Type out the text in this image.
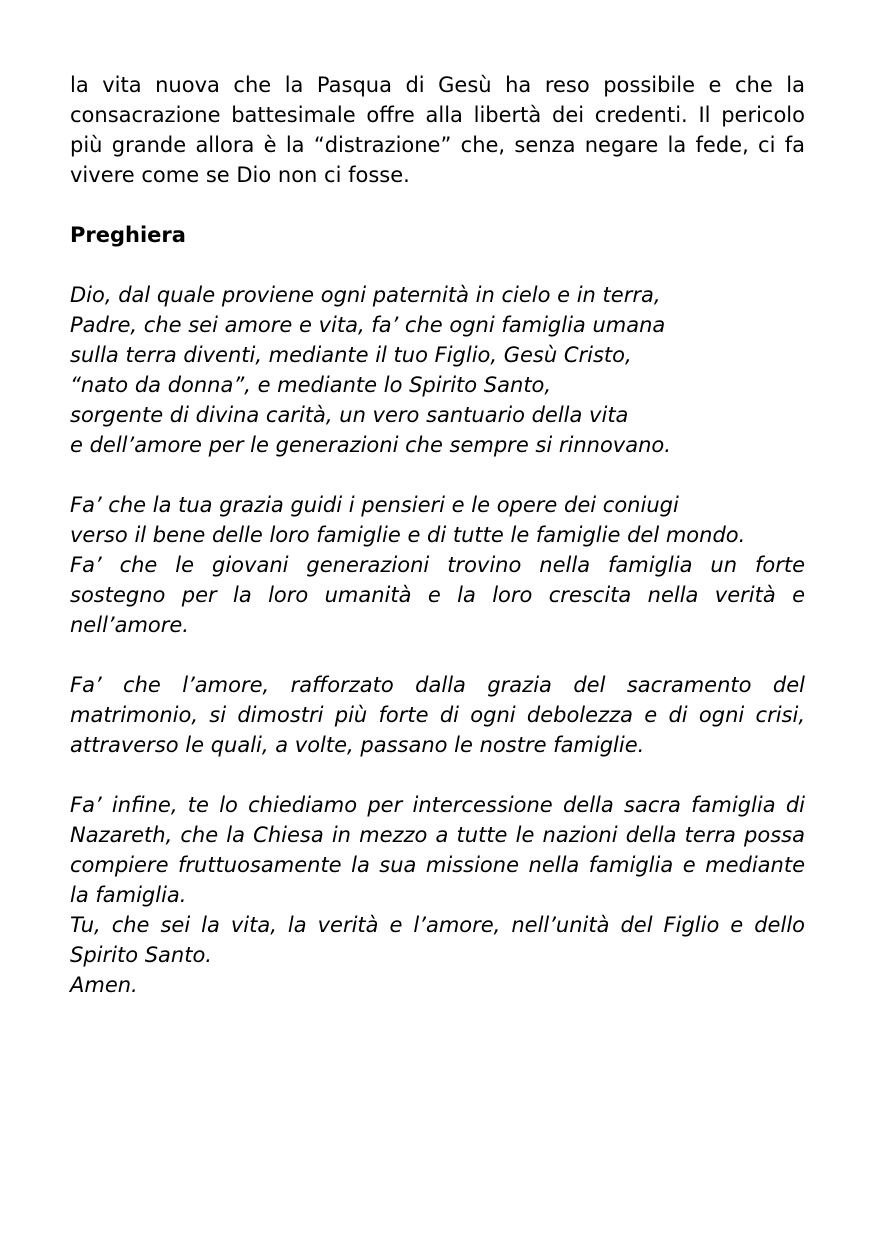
la vita nuova che la Pasqua di Gesù ha reso possibile e che la
consacrazione battesimale offre alla libertà dei credenti. Il pericolo
più grande allora è la “distrazione” che, senza negare la fede, ci fa
vivere come se Dio non ci fosse.

Preghiera

Dio, dal quale proviene ogni paternità in cielo e in terra,
Padre, che sei amore e vita, fa’ che ogni famiglia umana
sulla terra diventi, mediante il tuo Figlio, Gesù Cristo,
“nato da donna”, e mediante lo Spirito Santo,
sorgente di divina carità, un vero santuario della vita
e dell’amore per le generazioni che sempre si rinnovano.

Fa’ che la tua grazia guidi i pensieri e le opere dei coniugi
verso il bene delle loro famiglie e di tutte le famiglie del mondo.
Fa’ che le giovani generazioni trovino nella famiglia un forte
sostegno per la loro umanità e la loro crescita nella verità e
nell’amore.

Fa’ che l’amore, rafforzato dalla grazia del sacramento del
matrimonio, si dimostri più forte di ogni debolezza e di ogni crisi,
attraverso le quali, a volte, passano le nostre famiglie.

Fa’ infine, te lo chiediamo per intercessione della sacra famiglia di
Nazareth, che la Chiesa in mezzo a tutte le nazioni della terra possa
compiere fruttuosamente la sua missione nella famiglia e mediante
la famiglia.
Tu, che sei la vita, la verità e l’amore, nell’unità del Figlio e dello
Spirito Santo.
Amen.
